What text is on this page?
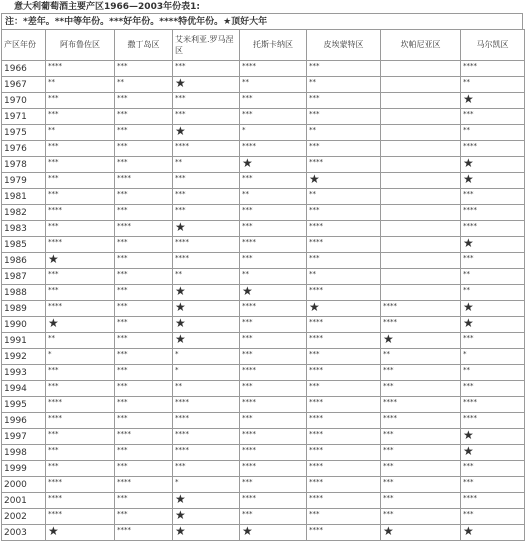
意大利葡萄酒主要产区1966—2003年份表1:
注：*差年。**中等年份。***好年份。****特优年份。★顶好大年
产区年份	阿布鲁佐区	撒丁岛区	艾米利亚.罗马涅区	托斯卡纳区	皮埃蒙特区	坎帕尼亚区	马尔凯区
1966	****	***	***	****	***		****
1967	**	**	★	**	**		**
1970	***	***	***	***	***		★
1971	***	***	***	***	***		***
1975	**	***	★	*	**		**
1976	***	***	****	****	***		****
1978	***	***	**	★	****		★
1979	***	****	***	***	★		★
1981	***	***	***	**	**		***
1982	****	***	***	***	***		****
1983	***	****	★	***	****		****
1985	****	***	****	****	****		★
1986	★	***	****	***	***		***
1987	***	***	**	**	**		**
1988	***	***	★	★	****		**
1989	****	***	★	****	★	****	★
1990	★	***	★	***	****	****	★
1991	**	***	★	***	****	★	***
1992	*	***	*	***	***	**	*
1993	***	***	*	****	****	***	**
1994	***	***	**	***	***	***	***
1995	****	***	****	****	****	****	****
1996	****	***	****	***	****	****	****
1997	***	****	****	****	****	***	★
1998	***	***	****	****	****	***	★
1999	***	***	***	****	****	***	***
2000	****	****	*	***	****	***	***
2001	****	***	★	****	****	***	****
2002	****	***	★	***	***	***	***
2003	★	****	★	★	****	★	★
